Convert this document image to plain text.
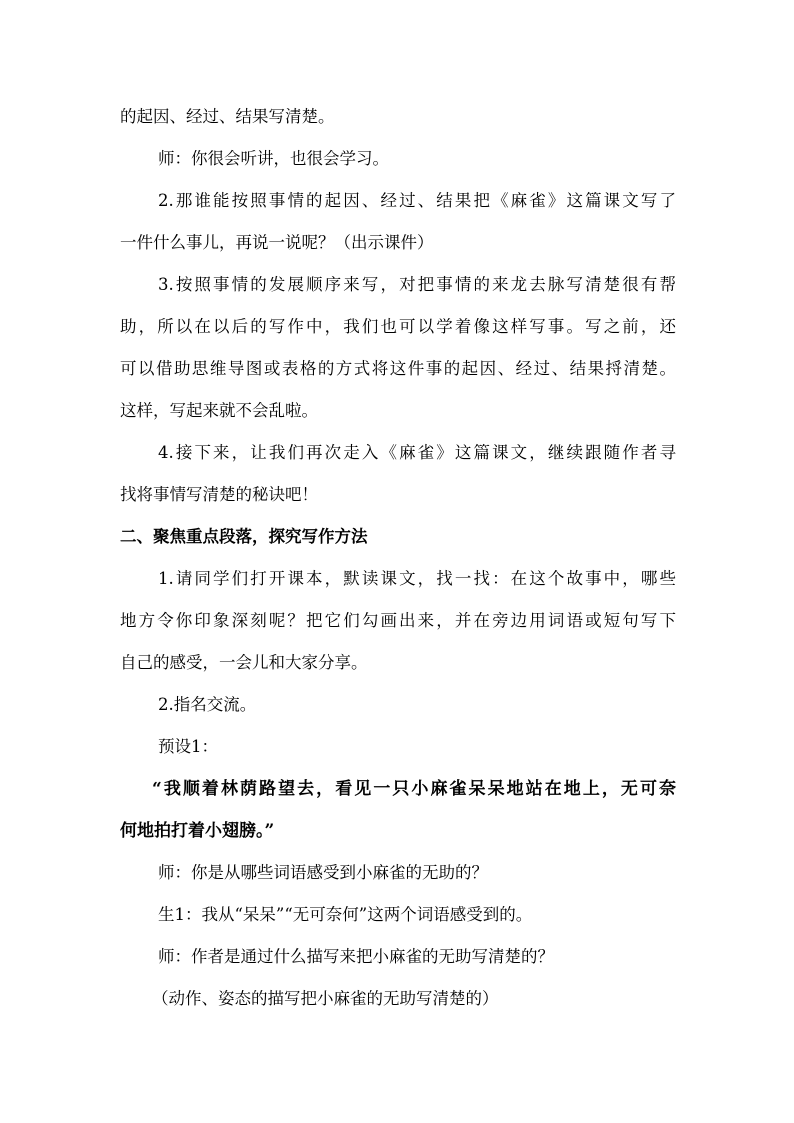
的起因、经过、结果写清楚。
师：你很会听讲，也很会学习。
2.那谁能按照事情的起因、经过、结果把《麻雀》这篇课文写了
一件什么事儿，再说一说呢？（出示课件）
3.按照事情的发展顺序来写，对把事情的来龙去脉写清楚很有帮
助，所以在以后的写作中，我们也可以学着像这样写事。写之前，还
可以借助思维导图或表格的方式将这件事的起因、经过、结果捋清楚。
这样，写起来就不会乱啦。
4.接下来，让我们再次走入《麻雀》这篇课文，继续跟随作者寻
找将事情写清楚的秘诀吧！
二、聚焦重点段落，探究写作方法
1.请同学们打开课本，默读课文，找一找：在这个故事中，哪些
地方令你印象深刻呢？把它们勾画出来，并在旁边用词语或短句写下
自己的感受，一会儿和大家分享。
2.指名交流。
预设1：
“我顺着林荫路望去，看见一只小麻雀呆呆地站在地上，无可奈
何地拍打着小翅膀。”
师：你是从哪些词语感受到小麻雀的无助的？
生1：我从“呆呆”“无可奈何”这两个词语感受到的。
师：作者是通过什么描写来把小麻雀的无助写清楚的？
（动作、姿态的描写把小麻雀的无助写清楚的）
